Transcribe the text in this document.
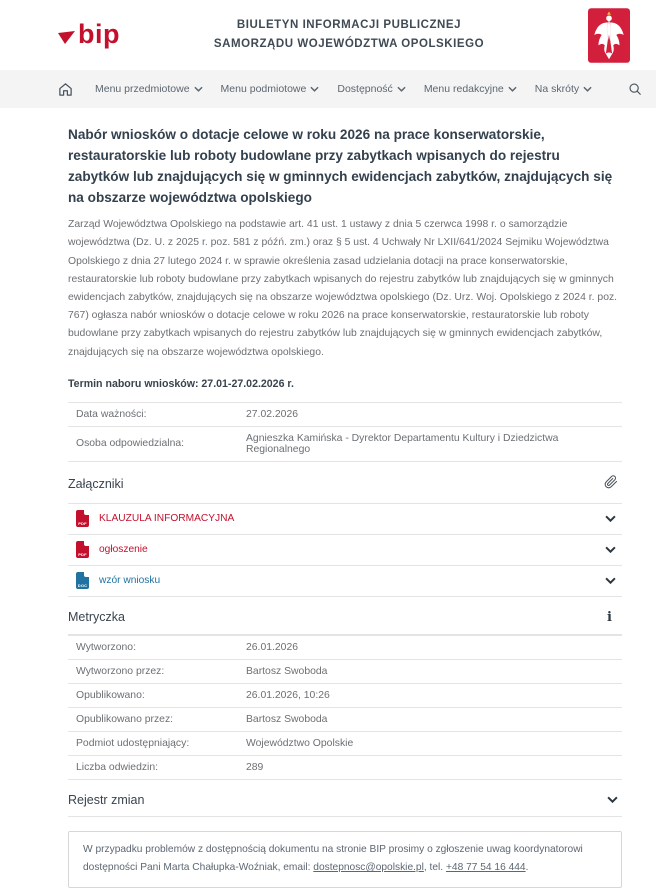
bip	BIULETYN INFORMACJI PUBLICZNEJ
SAMORZĄDU WOJEWÓDZTWA OPOLSKIEGO
Menu przedmiotowe	Menu podmiotowe	Dostępność	Menu redakcyjne	Na skróty
Nabór wniosków o dotacje celowe w roku 2026 na prace konserwatorskie, restauratorskie lub roboty budowlane przy zabytkach wpisanych do rejestru zabytków lub znajdujących się w gminnych ewidencjach zabytków, znajdujących się na obszarze województwa opolskiego

Zarząd Województwa Opolskiego na podstawie art. 41 ust. 1 ustawy z dnia 5 czerwca 1998 r. o samorządzie województwa (Dz. U. z 2025 r. poz. 581 z późń. zm.) oraz § 5 ust. 4 Uchwały Nr LXII/641/2024 Sejmiku Województwa Opolskiego z dnia 27 lutego 2024 r. w sprawie określenia zasad udzielania dotacji na prace konserwatorskie, restauratorskie lub roboty budowlane przy zabytkach wpisanych do rejestru zabytków lub znajdujących się w gminnych ewidencjach zabytków, znajdujących się na obszarze województwa opolskiego (Dz. Urz. Woj. Opolskiego z 2024 r. poz. 767) ogłasza nabór wniosków o dotacje celowe w roku 2026 na prace konserwatorskie, restauratorskie lub roboty budowlane przy zabytkach wpisanych do rejestru zabytków lub znajdujących się w gminnych ewidencjach zabytków, znajdujących się na obszarze województwa opolskiego.

Termin naboru wniosków: 27.01-27.02.2026 r.

Data ważności:	27.02.2026
Osoba odpowiedzialna:	Agnieszka Kamińska - Dyrektor Departamentu Kultury i Dziedzictwa Regionalnego
Załączniki
PDF KLAUZULA INFORMACYJNA
PDF ogłoszenie
DOC wzór wniosku
Metryczka	i
Wytworzono:	26.01.2026
Wytworzono przez:	Bartosz Swoboda
Opublikowano:	26.01.2026, 10:26
Opublikowano przez:	Bartosz Swoboda
Podmiot udostępniający:	Województwo Opolskie
Liczba odwiedzin:	289
Rejestr zmian
W przypadku problemów z dostępnością dokumentu na stronie BIP prosimy o zgłoszenie uwag koordynatorowi dostępności Pani Marta Chałupka-Woźniak, email: dostepnosc@opolskie.pl, tel. +48 77 54 16 444.
